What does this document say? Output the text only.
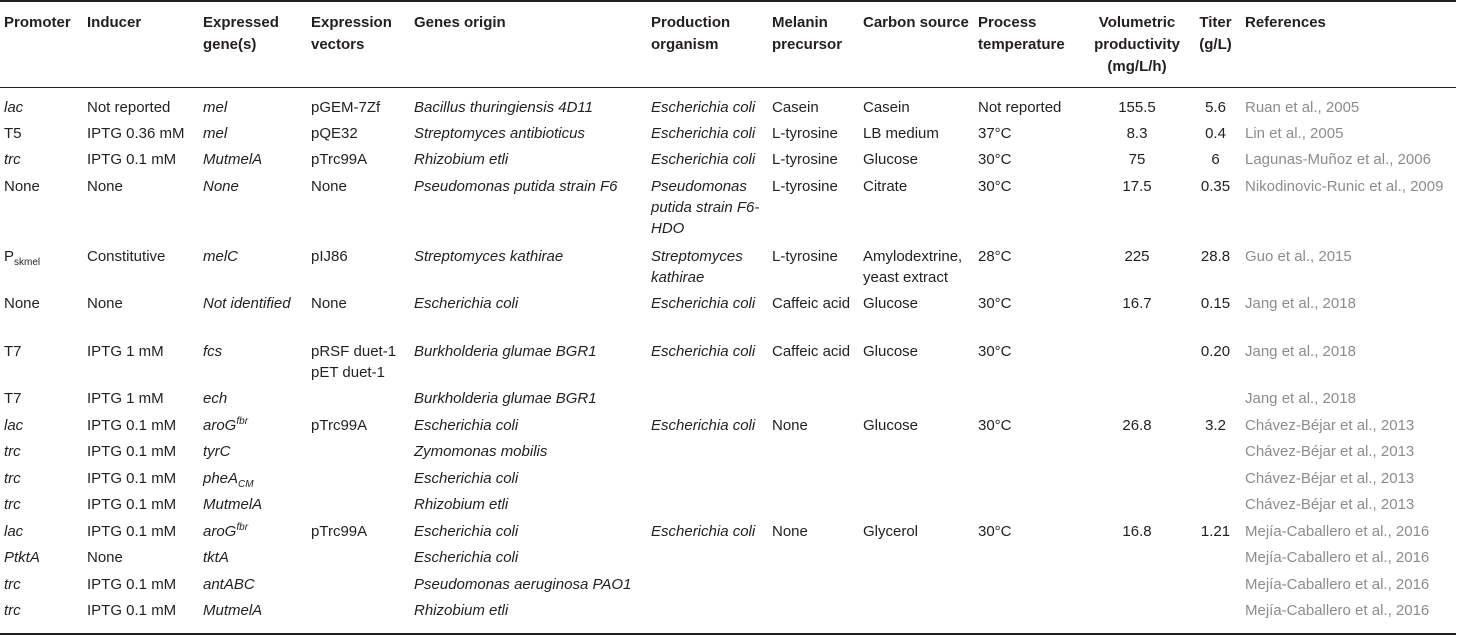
Promoter	Inducer	Expressed gene(s)	Expression vectors	Genes origin	Production organism	Melanin precursor	Carbon source	Process temperature	Volumetric productivity (mg/L/h)	Titer (g/L)	References
lac	Not reported	mel	pGEM-7Zf	Bacillus thuringiensis 4D11	Escherichia coli	Casein	Casein	Not reported	155.5	5.6	Ruan et al., 2005
T5	IPTG 0.36 mM	mel	pQE32	Streptomyces antibioticus	Escherichia coli	L-tyrosine	LB medium	37°C	8.3	0.4	Lin et al., 2005
trc	IPTG 0.1 mM	MutmelA	pTrc99A	Rhizobium etli	Escherichia coli	L-tyrosine	Glucose	30°C	75	6	Lagunas-Muñoz et al., 2006
None	None	None	None	Pseudomonas putida strain F6	Pseudomonas putida strain F6-HDO	L-tyrosine	Citrate	30°C	17.5	0.35	Nikodinovic-Runic et al., 2009
$P_{skmel}$	Constitutive	melC	pIJ86	Streptomyces kathirae	Streptomyces kathirae	L-tyrosine	Amylodextrine, yeast extract	28°C	225	28.8	Guo et al., 2015
None	None	Not identified	None	Escherichia coli	Escherichia coli	Caffeic acid	Glucose	30°C	16.7	0.15	Jang et al., 2018
T7	IPTG 1 mM	fcs	pRSF duet-1 pET duet-1	Burkholderia glumae BGR1	Escherichia coli	Caffeic acid	Glucose	30°C		0.20	Jang et al., 2018
T7	IPTG 1 mM	ech		Burkholderia glumae BGR1							Jang et al., 2018
lac	IPTG 0.1 mM	aroG$^{fbr}$	pTrc99A	Escherichia coli	Escherichia coli	None	Glucose	30°C	26.8	3.2	Chávez-Béjar et al., 2013
trc	IPTG 0.1 mM	tyrC		Zymomonas mobilis							Chávez-Béjar et al., 2013
trc	IPTG 0.1 mM	pheA$_{CM}$		Escherichia coli							Chávez-Béjar et al., 2013
trc	IPTG 0.1 mM	MutmelA		Rhizobium etli							Chávez-Béjar et al., 2013
lac	IPTG 0.1 mM	aroG$^{fbr}$	pTrc99A	Escherichia coli	Escherichia coli	None	Glycerol	30°C	16.8	1.21	Mejía-Caballero et al., 2016
PtktA	None	tktA		Escherichia coli							Mejía-Caballero et al., 2016
trc	IPTG 0.1 mM	antABC		Pseudomonas aeruginosa PAO1							Mejía-Caballero et al., 2016
trc	IPTG 0.1 mM	MutmelA		Rhizobium etli							Mejía-Caballero et al., 2016
